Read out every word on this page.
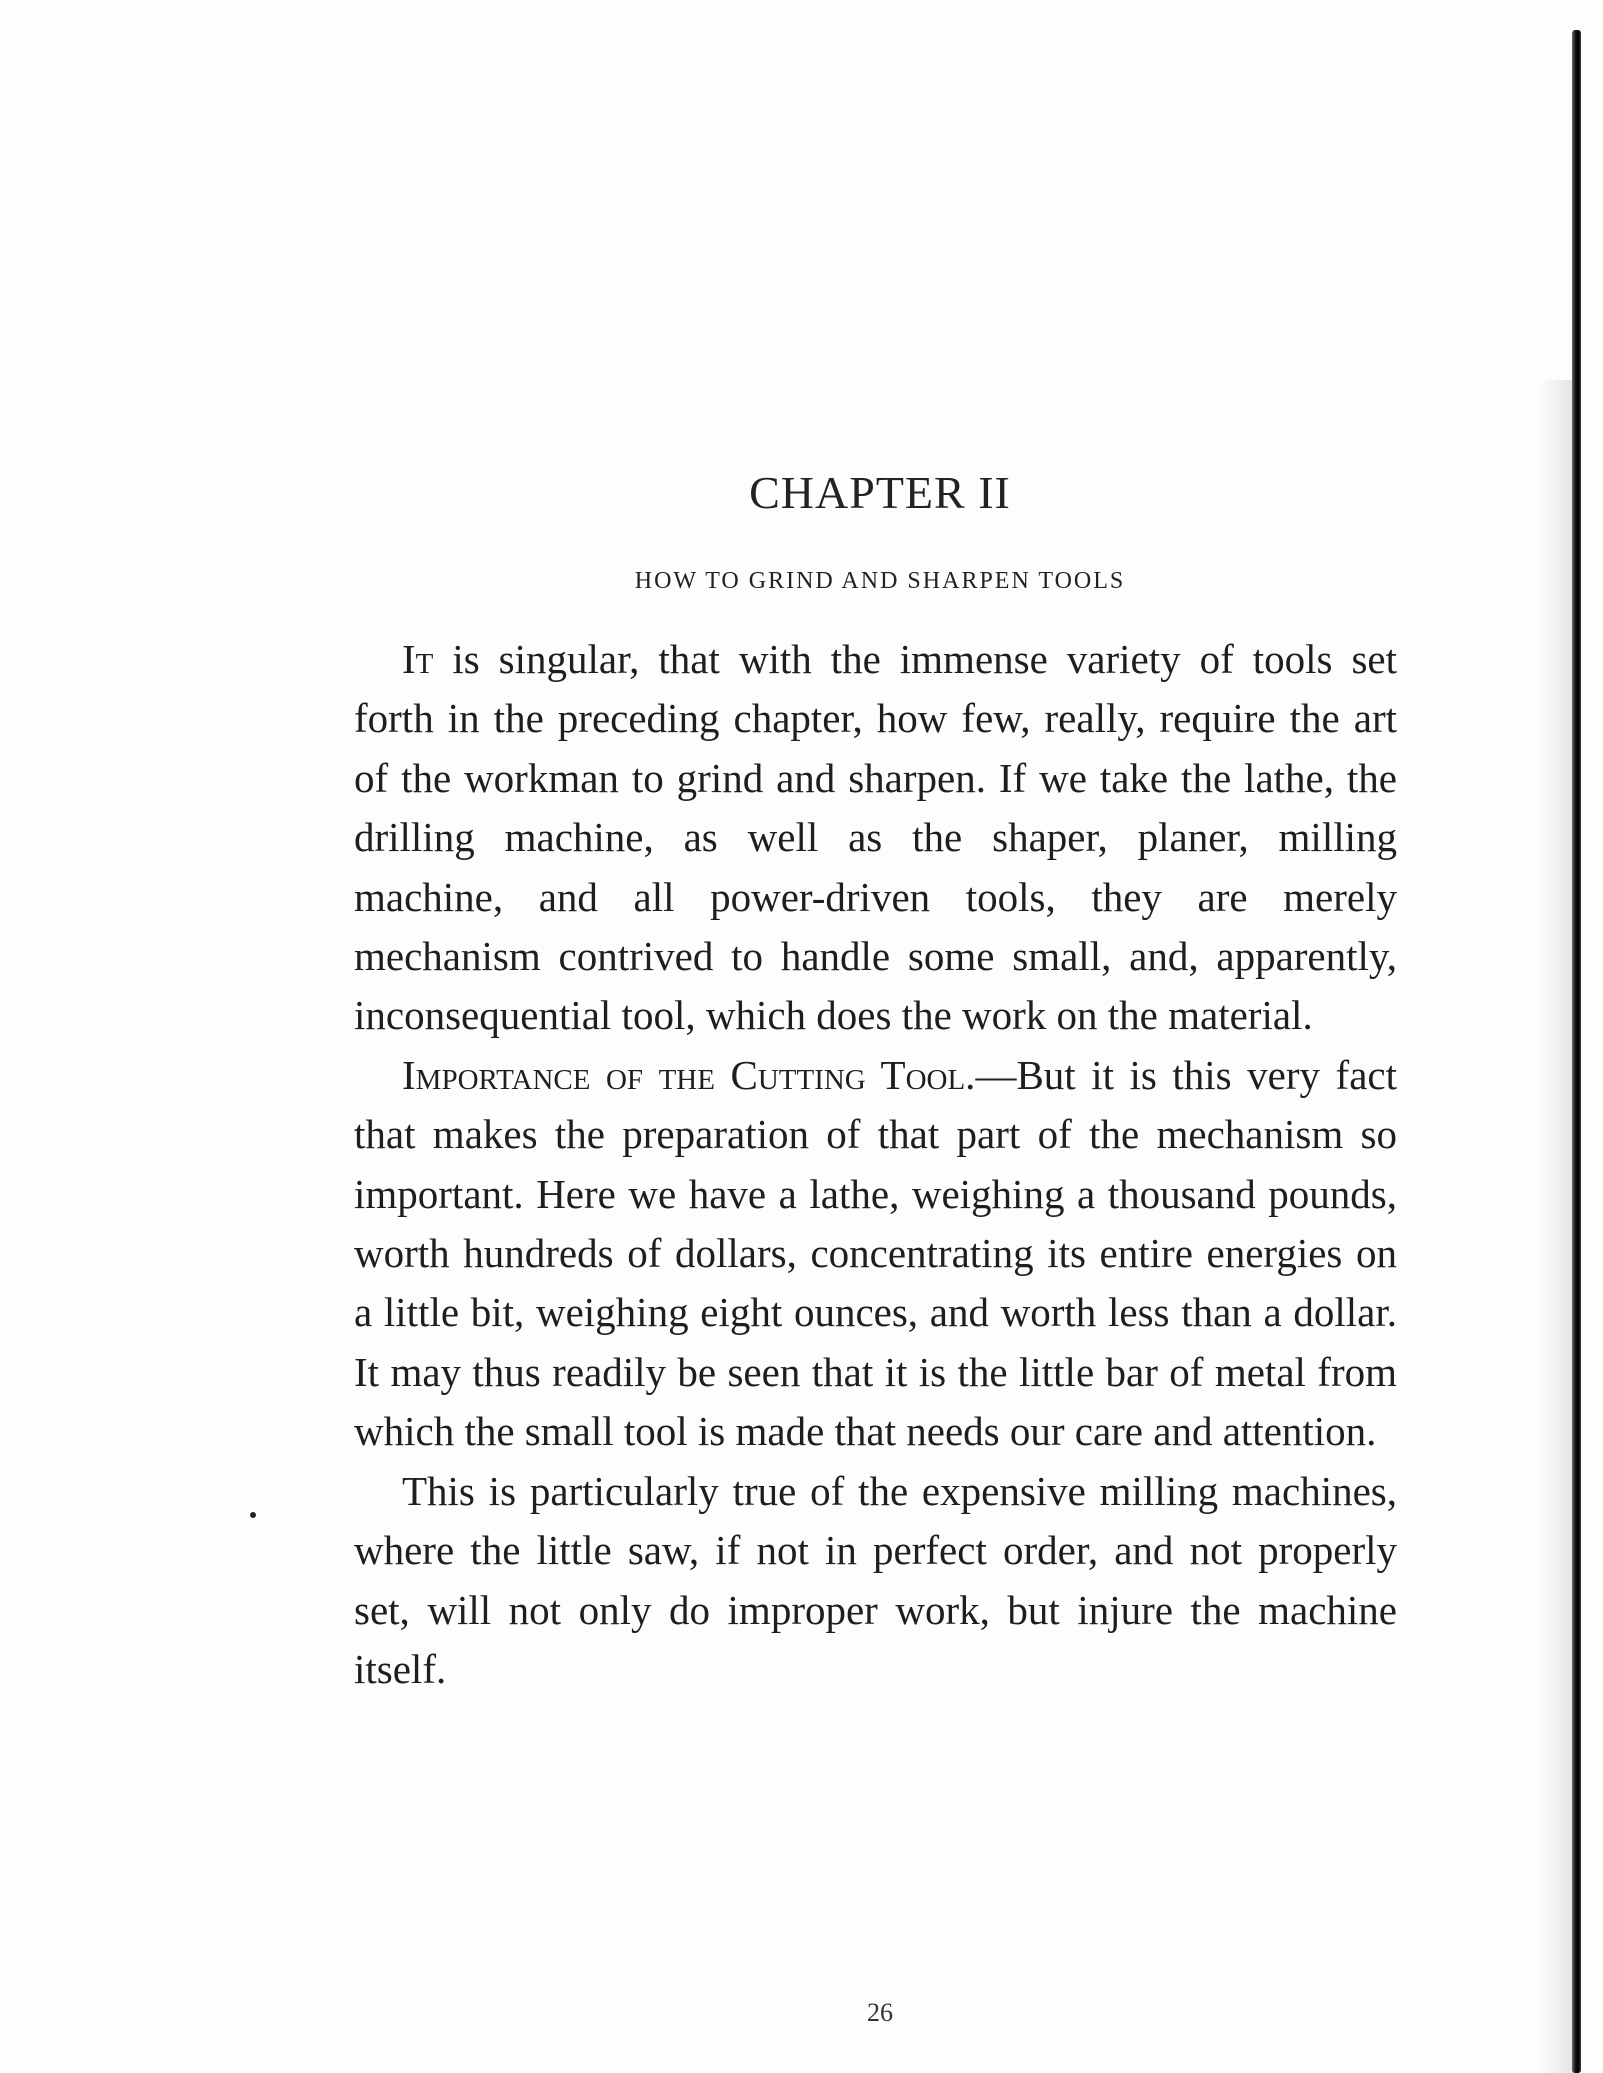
CHAPTER II
HOW TO GRIND AND SHARPEN TOOLS

It is singular, that with the immense variety of tools set forth in the preceding chapter, how few, really, require the art of the workman to grind and sharpen. If we take the lathe, the drilling machine, as well as the shaper, planer, milling machine, and all power-driven tools, they are merely mechanism contrived to handle some small, and, apparently, inconsequential tool, which does the work on the material.

Importance of the Cutting Tool.—But it is this very fact that makes the preparation of that part of the mechanism so important. Here we have a lathe, weighing a thousand pounds, worth hundreds of dollars, concentrating its entire energies on a little bit, weighing eight ounces, and worth less than a dollar. It may thus readily be seen that it is the little bar of metal from which the small tool is made that needs our care and attention.

This is particularly true of the expensive milling machines, where the little saw, if not in perfect order, and not properly set, will not only do improper work, but injure the machine itself.

26
